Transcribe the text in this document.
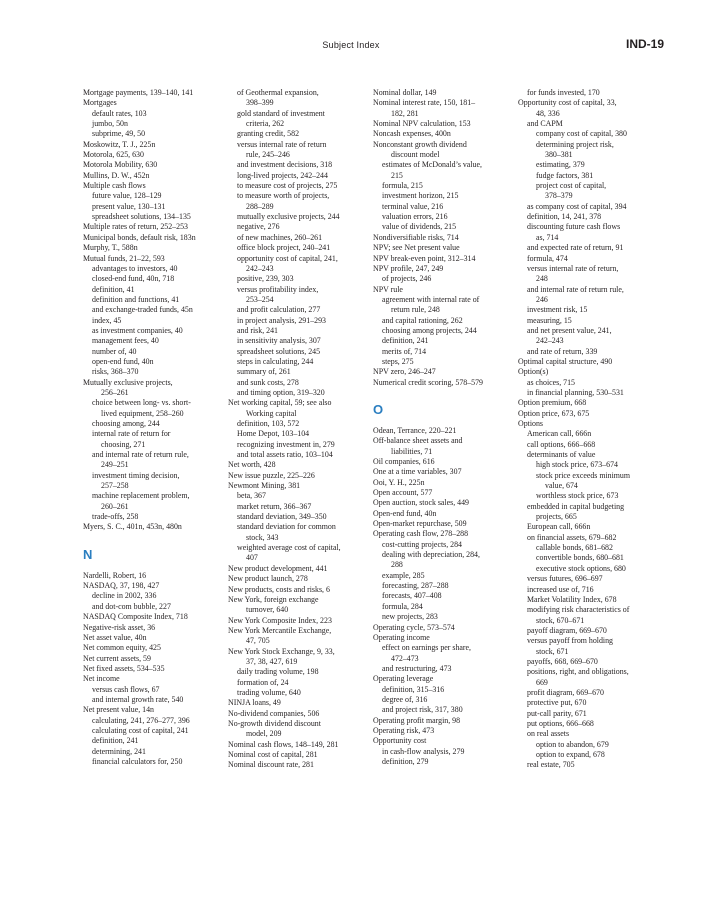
Subject Index	IND-19
Mortgage payments, 139–140, 141
Mortgages
default rates, 103
jumbo, 50n
subprime, 49, 50
Moskowitz, T. J., 225n
Motorola, 625, 630
Motorola Mobility, 630
Mullins, D. W., 452n
Multiple cash flows
future value, 128–129
present value, 130–131
spreadsheet solutions, 134–135
Multiple rates of return, 252–253
Municipal bonds, default risk, 183n
Murphy, T., 588n
Mutual funds, 21–22, 593
advantages to investors, 40
closed-end fund, 40n, 718
definition, 41
definition and functions, 41
and exchange-traded funds, 45n
index, 45
as investment companies, 40
management fees, 40
number of, 40
open-end fund, 40n
risks, 368–370
Mutually exclusive projects,
256–261
choice between long- vs. short-
lived equipment, 258–260
choosing among, 244
internal rate of return for
choosing, 271
and internal rate of return rule,
249–251
investment timing decision,
257–258
machine replacement problem,
260–261
trade-offs, 258
Myers, S. C., 401n, 453n, 480n
N
Nardelli, Robert, 16
NASDAQ, 37, 198, 427
decline in 2002, 336
and dot-com bubble, 227
NASDAQ Composite Index, 718
Negative-risk asset, 36
Net asset value, 40n
Net common equity, 425
Net current assets, 59
Net fixed assets, 534–535
Net income
versus cash flows, 67
and internal growth rate, 540
Net present value, 14n
calculating, 241, 276–277, 396
calculating cost of capital, 241
definition, 241
determining, 241
financial calculators for, 250
of Geothermal expansion,
398–399
gold standard of investment
criteria, 262
granting credit, 582
versus internal rate of return
rule, 245–246
and investment decisions, 318
long-lived projects, 242–244
to measure cost of projects, 275
to measure worth of projects,
288–289
mutually exclusive projects, 244
negative, 276
of new machines, 260–261
office block project, 240–241
opportunity cost of capital, 241,
242–243
positive, 239, 303
versus profitability index,
253–254
and profit calculation, 277
in project analysis, 291–293
and risk, 241
in sensitivity analysis, 307
spreadsheet solutions, 245
steps in calculating, 244
summary of, 261
and sunk costs, 278
and timing option, 319–320
Net working capital, 59; see also
Working capital
definition, 103, 572
Home Depot, 103–104
recognizing investment in, 279
and total assets ratio, 103–104
Net worth, 428
New issue puzzle, 225–226
Newmont Mining, 381
beta, 367
market return, 366–367
standard deviation, 349–350
standard deviation for common
stock, 343
weighted average cost of capital,
407
New product development, 441
New product launch, 278
New products, costs and risks, 6
New York, foreign exchange
turnover, 640
New York Composite Index, 223
New York Mercantile Exchange,
47, 705
New York Stock Exchange, 9, 33,
37, 38, 427, 619
daily trading volume, 198
formation of, 24
trading volume, 640
NINJA loans, 49
No-dividend companies, 506
No-growth dividend discount
model, 209
Nominal cash flows, 148–149, 281
Nominal cost of capital, 281
Nominal discount rate, 281
Nominal dollar, 149
Nominal interest rate, 150, 181–
182, 281
Nominal NPV calculation, 153
Noncash expenses, 400n
Nonconstant growth dividend
discount model
estimates of McDonald’s value,
215
formula, 215
investment horizon, 215
terminal value, 216
valuation errors, 216
value of dividends, 215
Nondiversifiable risks, 714
NPV; see Net present value
NPV break-even point, 312–314
NPV profile, 247, 249
of projects, 246
NPV rule
agreement with internal rate of
return rule, 248
and capital rationing, 262
choosing among projects, 244
definition, 241
merits of, 714
steps, 275
NPV zero, 246–247
Numerical credit scoring, 578–579
O
Odean, Terrance, 220–221
Off-balance sheet assets and
liabilities, 71
Oil companies, 616
One at a time variables, 307
Ooi, Y. H., 225n
Open account, 577
Open auction, stock sales, 449
Open-end fund, 40n
Open-market repurchase, 509
Operating cash flow, 278–288
cost-cutting projects, 284
dealing with depreciation, 284,
288
example, 285
forecasting, 287–288
forecasts, 407–408
formula, 284
new projects, 283
Operating cycle, 573–574
Operating income
effect on earnings per share,
472–473
and restructuring, 473
Operating leverage
definition, 315–316
degree of, 316
and project risk, 317, 380
Operating profit margin, 98
Operating risk, 473
Opportunity cost
in cash-flow analysis, 279
definition, 279
for funds invested, 170
Opportunity cost of capital, 33,
48, 336
and CAPM
company cost of capital, 380
determining project risk,
380–381
estimating, 379
fudge factors, 381
project cost of capital,
378–379
as company cost of capital, 394
definition, 14, 241, 378
discounting future cash flows
as, 714
and expected rate of return, 91
formula, 474
versus internal rate of return,
248
and internal rate of return rule,
246
investment risk, 15
measuring, 15
and net present value, 241,
242–243
and rate of return, 339
Optimal capital structure, 490
Option(s)
as choices, 715
in financial planning, 530–531
Option premium, 668
Option price, 673, 675
Options
American call, 666n
call options, 666–668
determinants of value
high stock price, 673–674
stock price exceeds minimum
value, 674
worthless stock price, 673
embedded in capital budgeting
projects, 665
European call, 666n
on financial assets, 679–682
callable bonds, 681–682
convertible bonds, 680–681
executive stock options, 680
versus futures, 696–697
increased use of, 716
Market Volatility Index, 678
modifying risk characteristics of
stock, 670–671
payoff diagram, 669–670
versus payoff from holding
stock, 671
payoffs, 668, 669–670
positions, right, and obligations,
669
profit diagram, 669–670
protective put, 670
put-call parity, 671
put options, 666–668
on real assets
option to abandon, 679
option to expand, 678
real estate, 705
